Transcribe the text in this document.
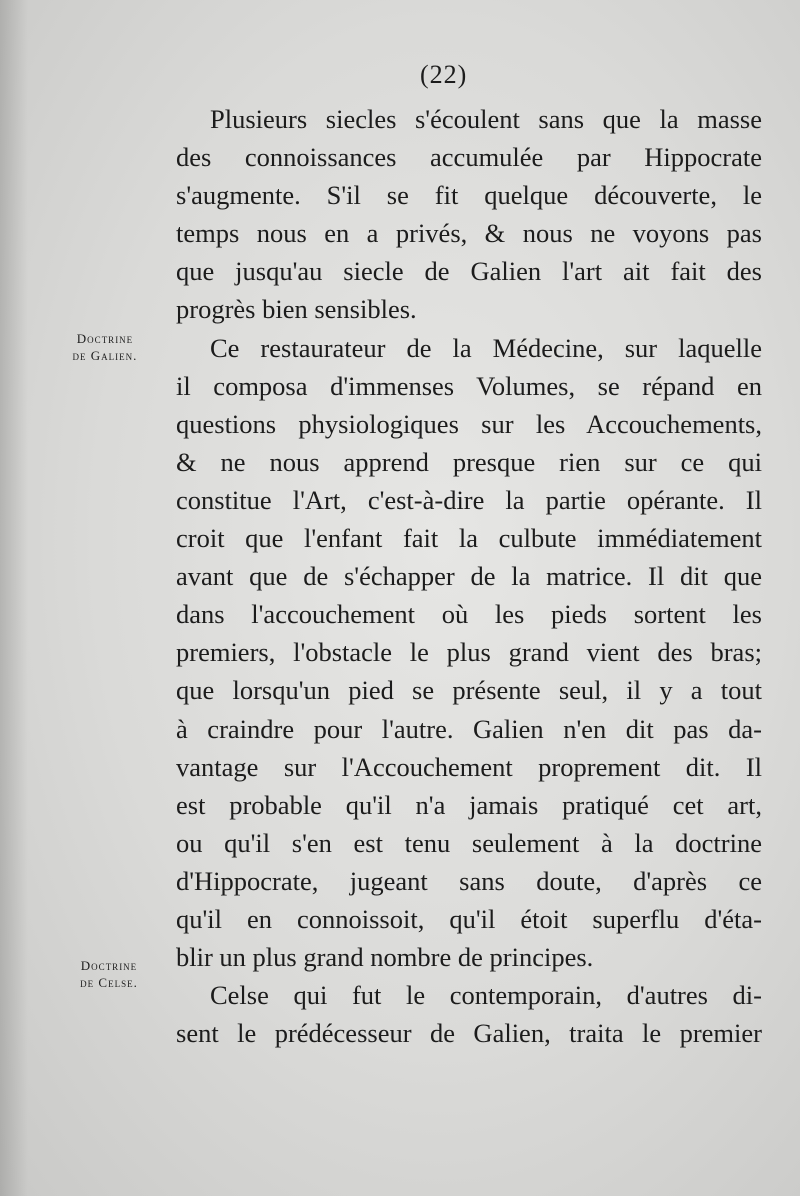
(22)
Doctrine
de Galien.
Doctrine
de Celse.
Plusieurs siecles s'écoulent sans que la masse
des connoissances accumulée par Hippocrate
s'augmente. S'il se fit quelque découverte, le
temps nous en a privés, & nous ne voyons pas
que jusqu'au siecle de Galien l'art ait fait des
progrès bien sensibles.
Ce restaurateur de la Médecine, sur laquelle
il composa d'immenses Volumes, se répand en
questions physiologiques sur les Accouchements,
& ne nous apprend presque rien sur ce qui
constitue l'Art, c'est-à-dire la partie opérante. Il
croit que l'enfant fait la culbute immédiatement
avant que de s'échapper de la matrice. Il dit que
dans l'accouchement où les pieds sortent les
premiers, l'obstacle le plus grand vient des bras;
que lorsqu'un pied se présente seul, il y a tout
à craindre pour l'autre. Galien n'en dit pas da-
vantage sur l'Accouchement proprement dit. Il
est probable qu'il n'a jamais pratiqué cet art,
ou qu'il s'en est tenu seulement à la doctrine
d'Hippocrate, jugeant sans doute, d'après ce
qu'il en connoissoit, qu'il étoit superflu d'éta-
blir un plus grand nombre de principes.
Celse qui fut le contemporain, d'autres di-
sent le prédécesseur de Galien, traita le premier
